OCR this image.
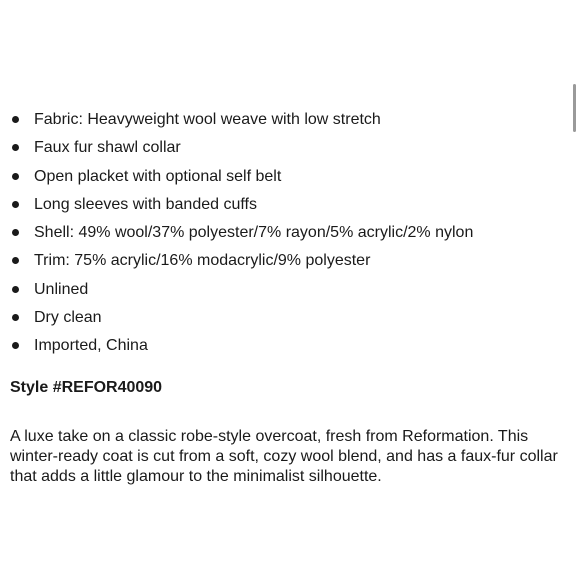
Fabric: Heavyweight wool weave with low stretch
Faux fur shawl collar
Open placket with optional self belt
Long sleeves with banded cuffs
Shell: 49% wool/37% polyester/7% rayon/5% acrylic/2% nylon
Trim: 75% acrylic/16% modacrylic/9% polyester
Unlined
Dry clean
Imported, China

Style #REFOR40090

A luxe take on a classic robe-style overcoat, fresh from Reformation. This winter-ready coat is cut from a soft, cozy wool blend, and has a faux-fur collar that adds a little glamour to the minimalist silhouette.
